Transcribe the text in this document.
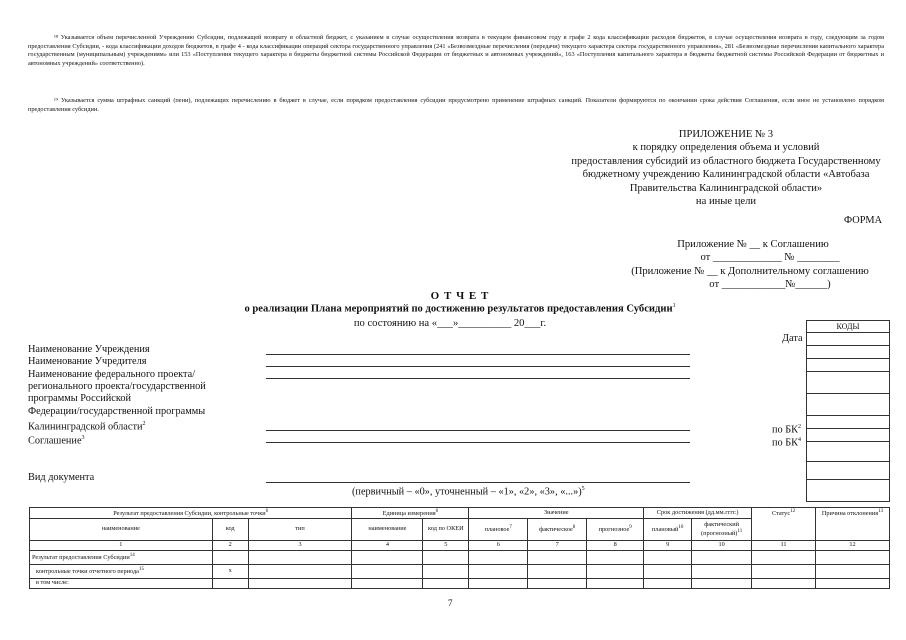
¹⁸ Указывается объем перечисленной Учреждению Субсидии, подлежащей возврату в областной бюджет, с указанием в случае осуществления возврата в текущем финансовом году в графе 2 кода классификации расходов бюджетов, в случае осуществления возврата в году, следующим за годом предоставления Субсидии, - кода классификации доходов бюджетов, в графе 4 - кода классификации операций сектора государственного управления (241 «Безвозмездные перечисления (передачи) текущего характера сектора государственного управления», 281 «Безвозмездные перечисления капитального характера государственным (муниципальным) учреждениям» или 153 «Поступления текущего характера в бюджеты бюджетной системы Российской Федерации от бюджетных и автономных учреждений», 163 «Поступления капитального характера в бюджеты бюджетной системы Российской Федерации от бюджетных и автономных учреждений» соответственно).
¹⁹ Указывается сумма штрафных санкций (пени), подлежащих перечислению в бюджет в случае, если порядком предоставления субсидии предусмотрено применение штрафных санкций. Показатели формируются по окончании срока действия Соглашения, если иное не установлено порядком предоставления субсидии.
ПРИЛОЖЕНИЕ № 3
к порядку определения объема и условий
предоставления субсидий из областного бюджета Государственному
бюджетному учреждению Калининградской области «Автобаза
Правительства Калининградской области»
на иные цели
ФОРМА
Приложение № __ к Соглашению
от _____________ № ________
(Приложение № __ к Дополнительному соглашению
от ____________№______)
О Т Ч Е Т
о реализации Плана мероприятий по достижению результатов предоставления Субсидии$^1$
по состоянию на «___»__________ 20___г.	КОДЫ
Дата
по $БК^2$
по $БК^4$
Наименование Учреждения
Наименование Учредителя
Наименование федерального проекта/
регионального проекта/государственной
программы Российской
Федерации/государственной программы
Калининградской области$^2$
Соглашение$^3$
Вид документа
(первичный – «0», уточненный – «1», «2», «3», «...»)$^5$
Результат предоставления Субсидии, контрольные точки$^6$			Единица измерения$^6$		Значение			Срок достижения (дд.мм.гггг.)		Статус$^{12}$	Причина отклонения$^{13}$
наименование	код	тип	наименование	код по ОКЕИ	плановое$^7$	фактическое$^8$	прогнозное$^9$	плановый$^{10}$	фактический (прогнозный)$^{11}$
1	2	3	4	5	6	7	8	9	10	11	12
Результат предоставления Субсидии$^{14}$											
контрольные точки отчетного периода$^{15}$	x										
в том числе:											
7
